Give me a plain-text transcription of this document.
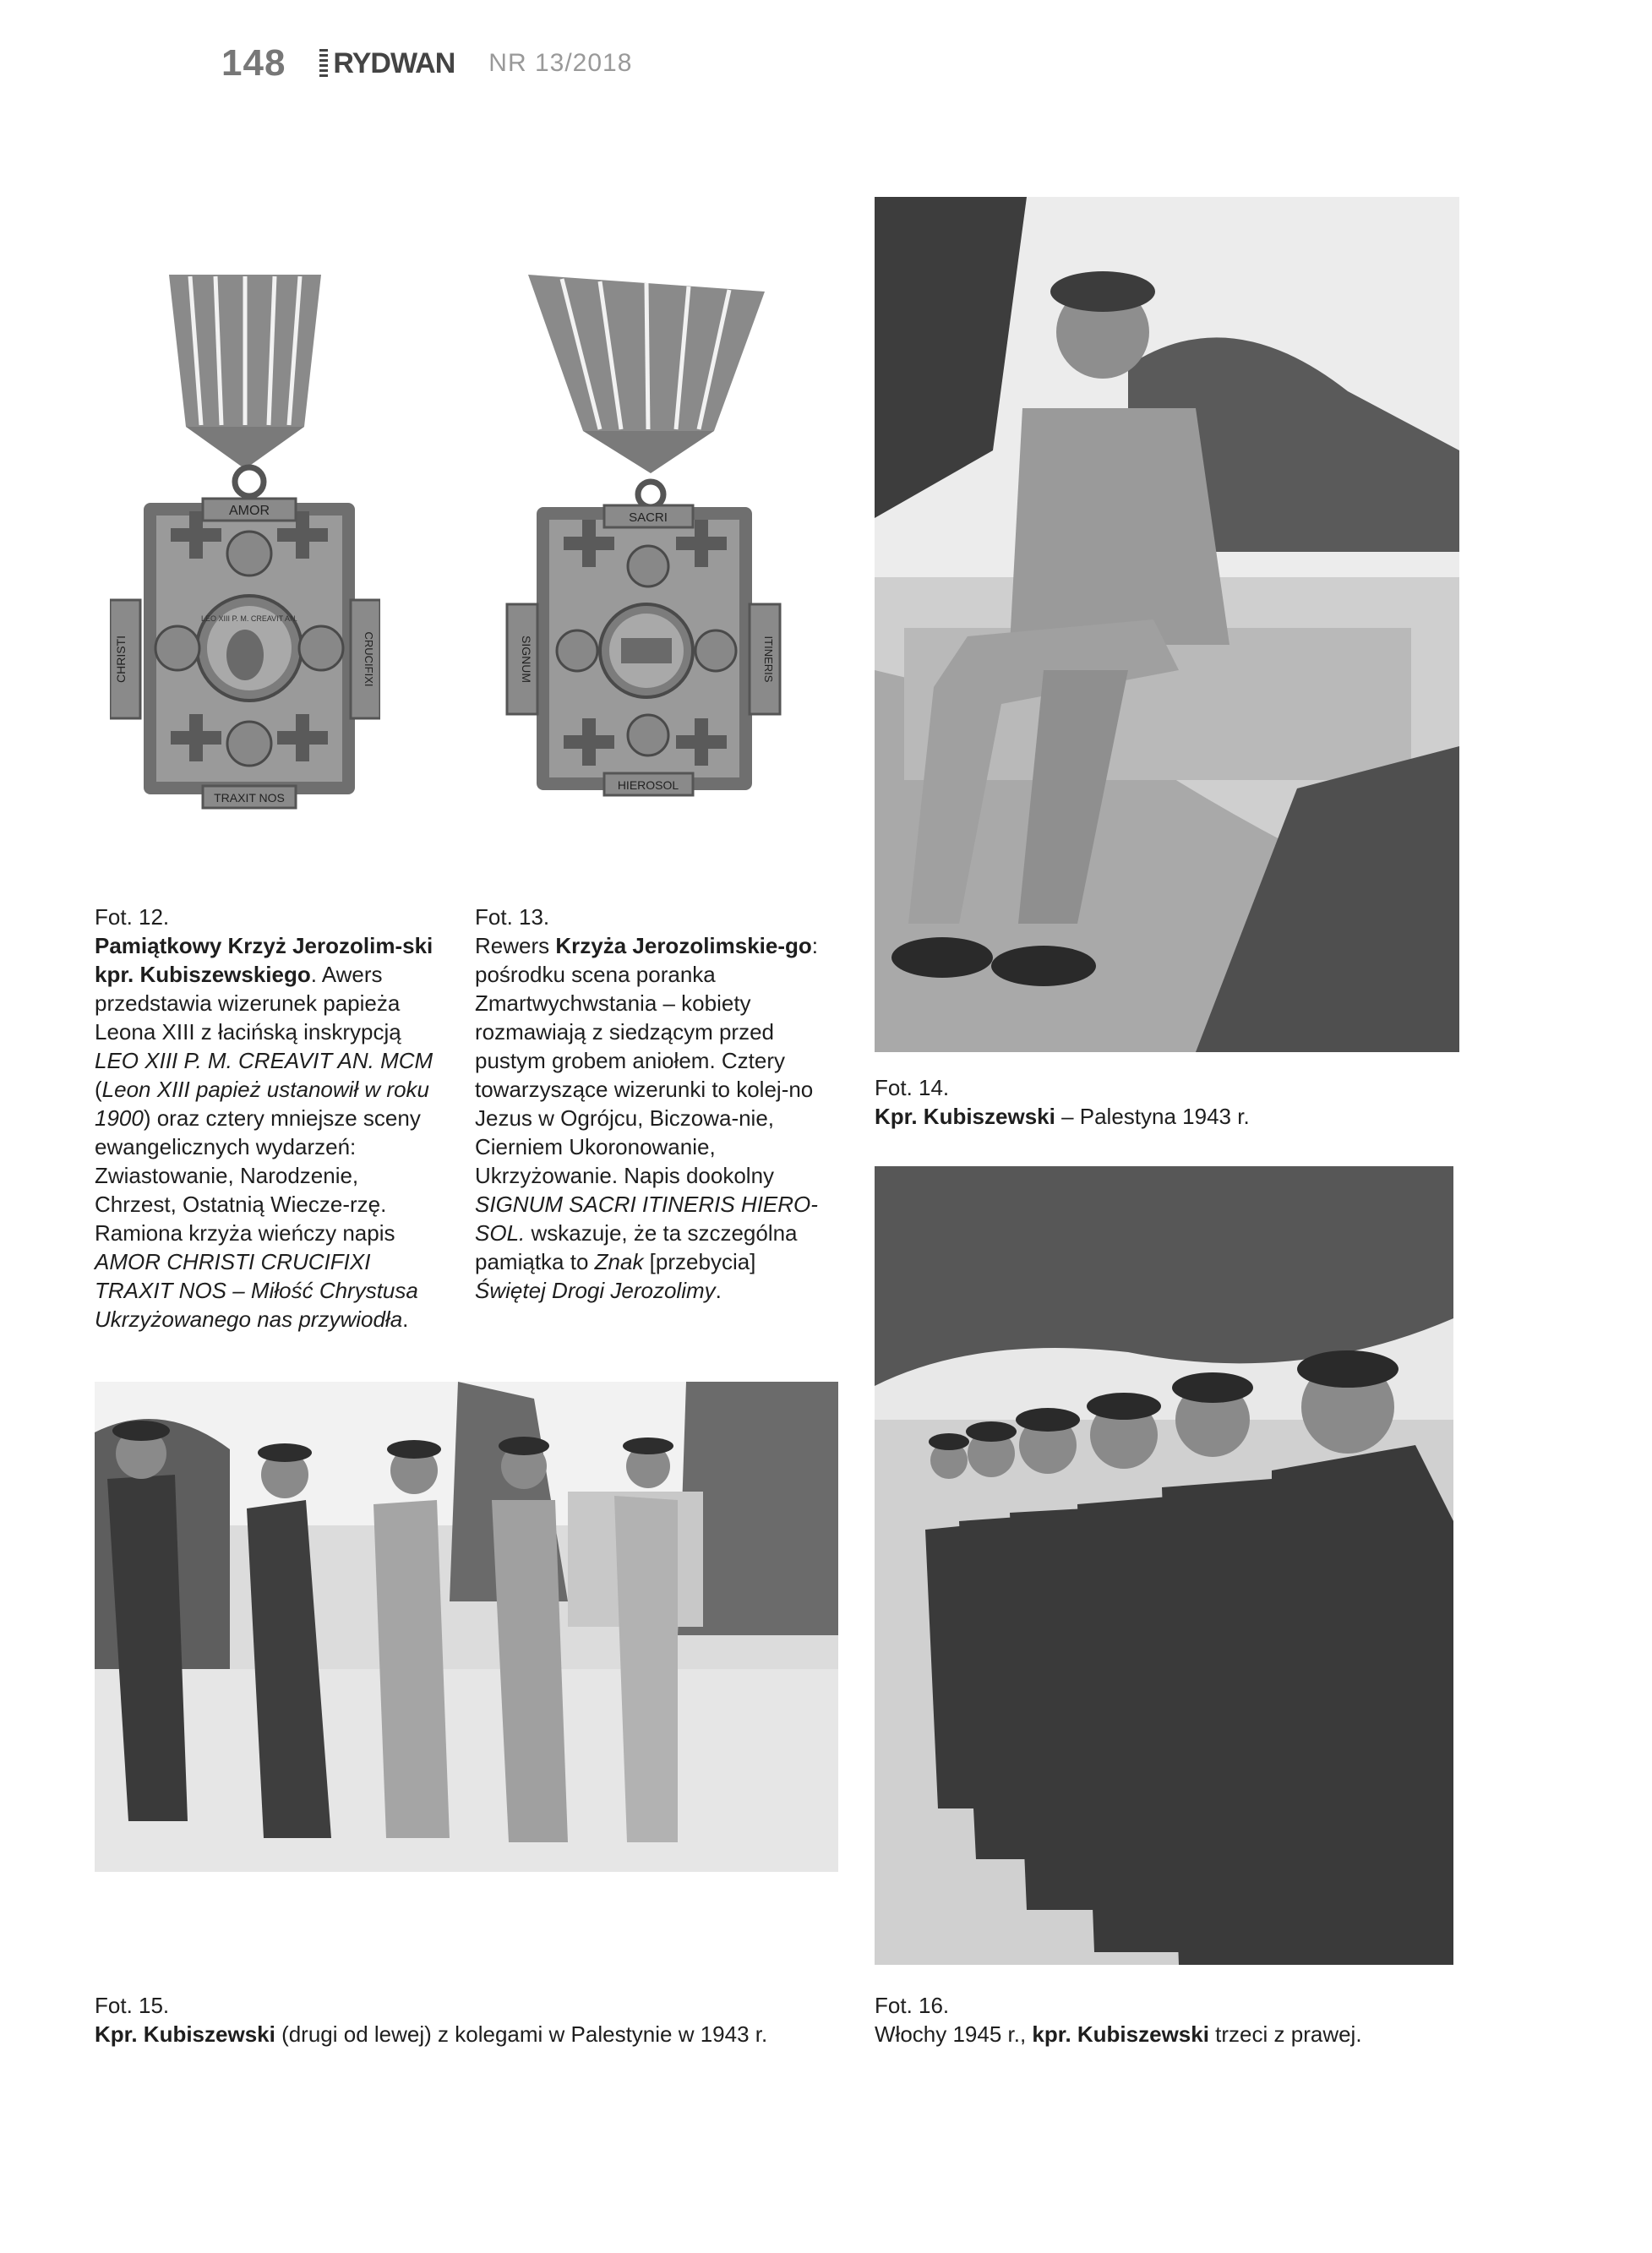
148 RYDWAN NR 13/2018
AMOR
TRAXIT NOS
CHRISTI	CRUCIFIXI
LEO XIII P. M. CREAVIT AN.
SACRI
HIEROSOL
SIGNUM	ITINERIS

Fot. 12.

Pamiątkowy Krzyż Jerozolim-ski kpr. Kubiszewskiego. Awers przedstawia wizerunek papieża Leona XIII z łacińską inskrypcją LEO XIII P. M. CREAVIT AN. MCM (Leon XIII papież ustanowił w roku 1900) oraz cztery mniejsze sceny ewangelicznych wydarzeń: Zwiastowanie, Narodzenie, Chrzest, Ostatnią Wiecze-rzę. Ramiona krzyża wieńczy napis AMOR CHRISTI CRUCIFIXI TRAXIT NOS – Miłość Chrystusa Ukrzyżowanego nas przywiodła.

Fot. 13.

Rewers Krzyża Jerozolimskie-go: pośrodku scena poranka Zmartwychwstania – kobiety rozmawiają z siedzącym przed pustym grobem aniołem. Cztery towarzyszące wizerunki to kolej-no Jezus w Ogrójcu, Biczowa-nie, Cierniem Ukoronowanie, Ukrzyżowanie. Napis dookolny SIGNUM SACRI ITINERIS HIERO-SOL. wskazuje, że ta szczególna pamiątka to Znak [przebycia] Świętej Drogi Jerozolimy.

Fot. 14.

Kpr. Kubiszewski – Palestyna 1943 r.

Fot. 15.

Kpr. Kubiszewski (drugi od lewej) z kolegami w Palestynie w 1943 r.

Fot. 16.

Włochy 1945 r., kpr. Kubiszewski trzeci z prawej.
